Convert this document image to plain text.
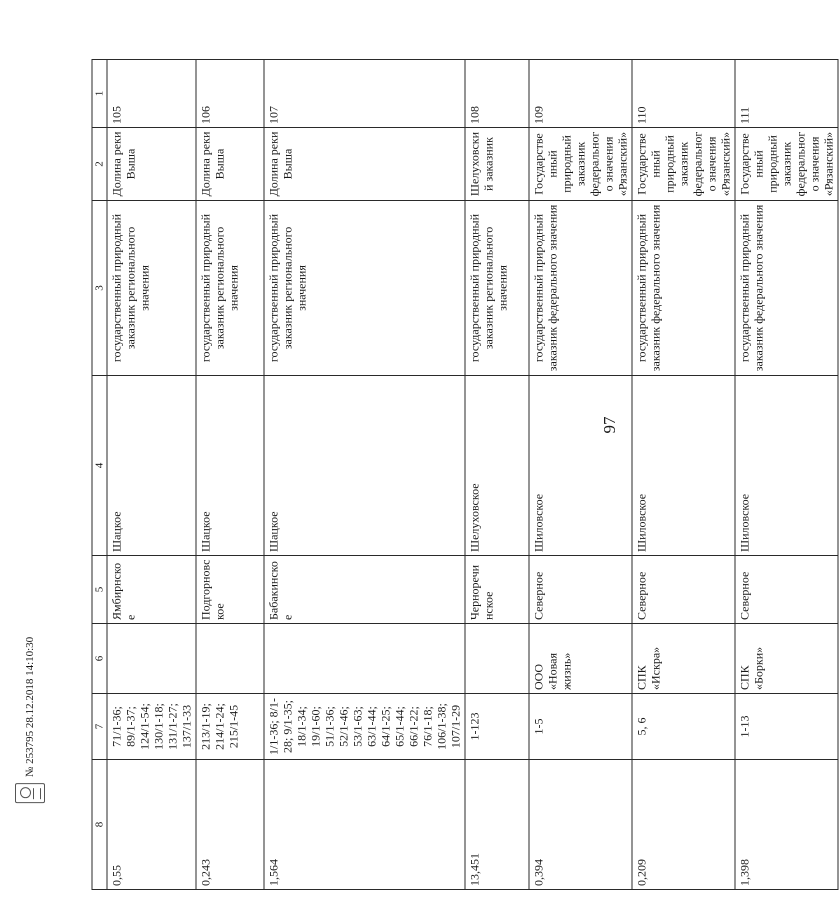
97
8	7	6	5	4	3	2	1
0,55	71/1-36; 89/1-37; 124/1-54; 130/1-18; 131/1-27; 137/1-33		Ямбирнское	Шацкое	государственный природный заказник регионального значения	Долина реки Выша	105
0,243	213/1-19; 214/1-24; 215/1-45		Подгорновское	Шацкое	государственный природный заказник регионального значения	Долина реки Выша	106
1,564	1/1-36; 8/1-28; 9/1-35; 18/1-34; 19/1-60; 51/1-36; 52/1-46; 53/1-63; 63/1-44; 64/1-25; 65/1-44; 66/1-22; 76/1-18; 106/1-38; 107/1-29		Бабакинское	Шацкое	государственный природный заказник регионального значения	Долина реки Выша	107
13,451	1-123		Черноречинское	Шелуховское	государственный природный заказник регионального значения	Шелуховский заказник	108
0,394	1-5	ООО «Новая жизнь»	Северное	Шиловское	государственный природный заказник федерального значения	Государственный природный заказник федерального значения «Рязанский»	109
0,209	5, 6	СПК «Искра»	Северное	Шиловское	государственный природный заказник федерального значения	Государственный природный заказник федерального значения «Рязанский»	110
1,398	1-13	СПК «Борки»	Северное	Шиловское	государственный природный заказник федерального значения	Государственный природный заказник федерального значения «Рязанский»	111
№ 253795 28.12.2018 14:10:30
